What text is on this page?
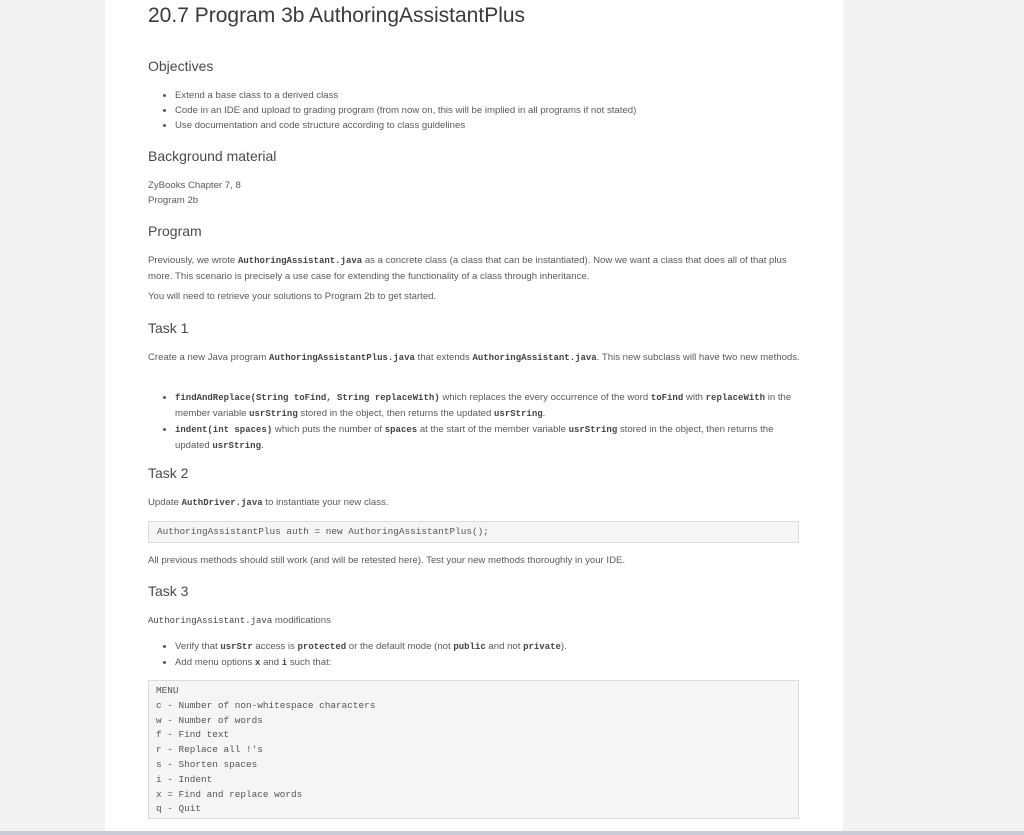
20.7 Program 3b AuthoringAssistantPlus
Objectives
• Extend a base class to a derived class
• Code in an IDE and upload to grading program (from now on, this will be implied in all programs if not stated)
• Use documentation and code structure according to class guidelines
Background material

ZyBooks Chapter 7, 8

Program 2b

Program

Previously, we wrote AuthoringAssistant.java as a concrete class (a class that can be instantiated). Now we want a class that does all of that plus more. This scenario is precisely a use case for extending the functionality of a class through inheritance.

You will need to retrieve your solutions to Program 2b to get started.

Task 1

Create a new Java program AuthoringAssistantPlus.java that extends AuthoringAssistant.java. This new subclass will have two new methods.

• findAndReplace(String toFind, String replaceWith) which replaces the every occurrence of the word toFind with replaceWith in the member variable usrString stored in the object, then returns the updated usrString.
• indent(int spaces) which puts the number of spaces at the start of the member variable usrString stored in the object, then returns the updated usrString.
Task 2

Update AuthDriver.java to instantiate your new class.

AuthoringAssistantPlus auth = new AuthoringAssistantPlus();

All previous methods should still work (and will be retested here). Test your new methods thoroughly in your IDE.

Task 3

AuthoringAssistant.java modifications

• Verify that usrStr access is protected or the default mode (not public and not private).
• Add menu options x and i such that:
MENU
c - Number of non-whitespace characters
w - Number of words
f - Find text
r - Replace all !'s
s - Shorten spaces
i - Indent
x = Find and replace words
q - Quit
